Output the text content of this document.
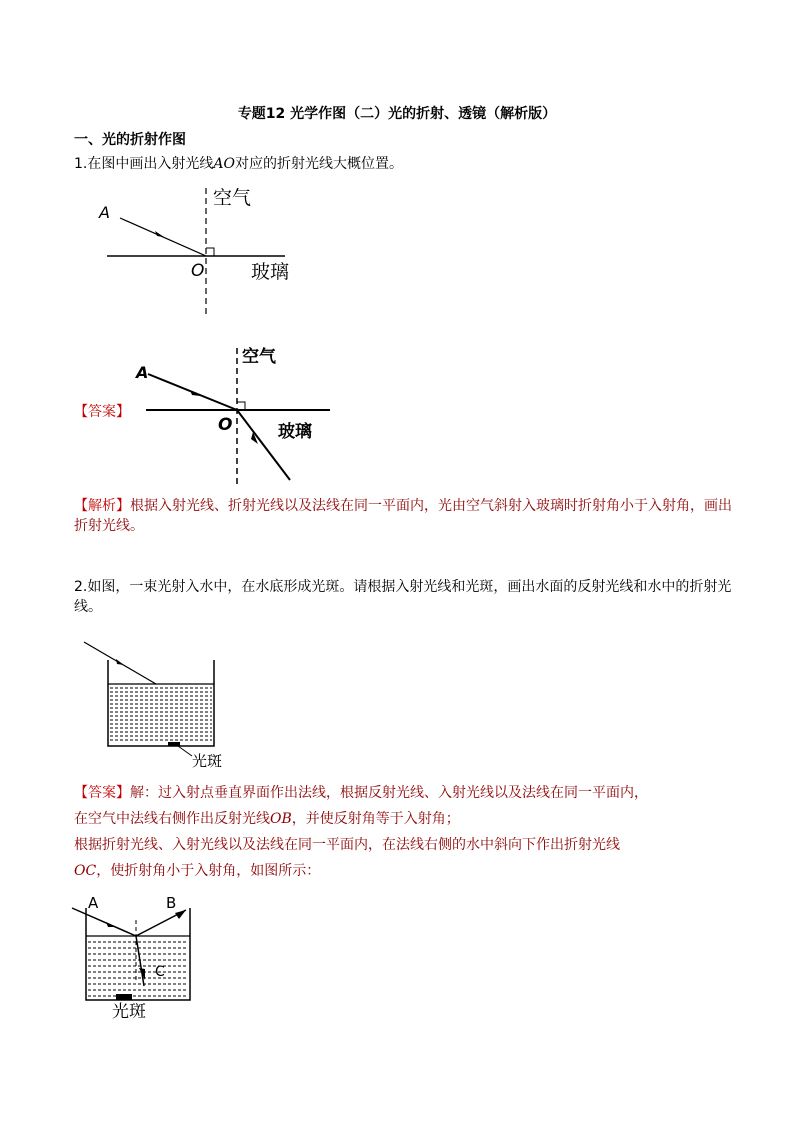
专题12 光学作图（二）光的折射、透镜（解析版）
一、光的折射作图
1.在图中画出入射光线AO对应的折射光线大概位置。
A
O
空气
玻璃
【答案】
A
O
空气
玻璃
【解析】根据入射光线、折射光线以及法线在同一平面内，光由空气斜射入玻璃时折射角小于入射角，画出折射光线。
2.如图，一束光射入水中，在水底形成光斑。请根据入射光线和光斑，画出水面的反射光线和水中的折射光线。
光斑
【答案】解：过入射点垂直界面作出法线，根据反射光线、入射光线以及法线在同一平面内，
在空气中法线右侧作出反射光线OB，并使反射角等于入射角；
根据折射光线、入射光线以及法线在同一平面内，在法线右侧的水中斜向下作出折射光线
OC，使折射角小于入射角，如图所示：
A	B
C
光斑
